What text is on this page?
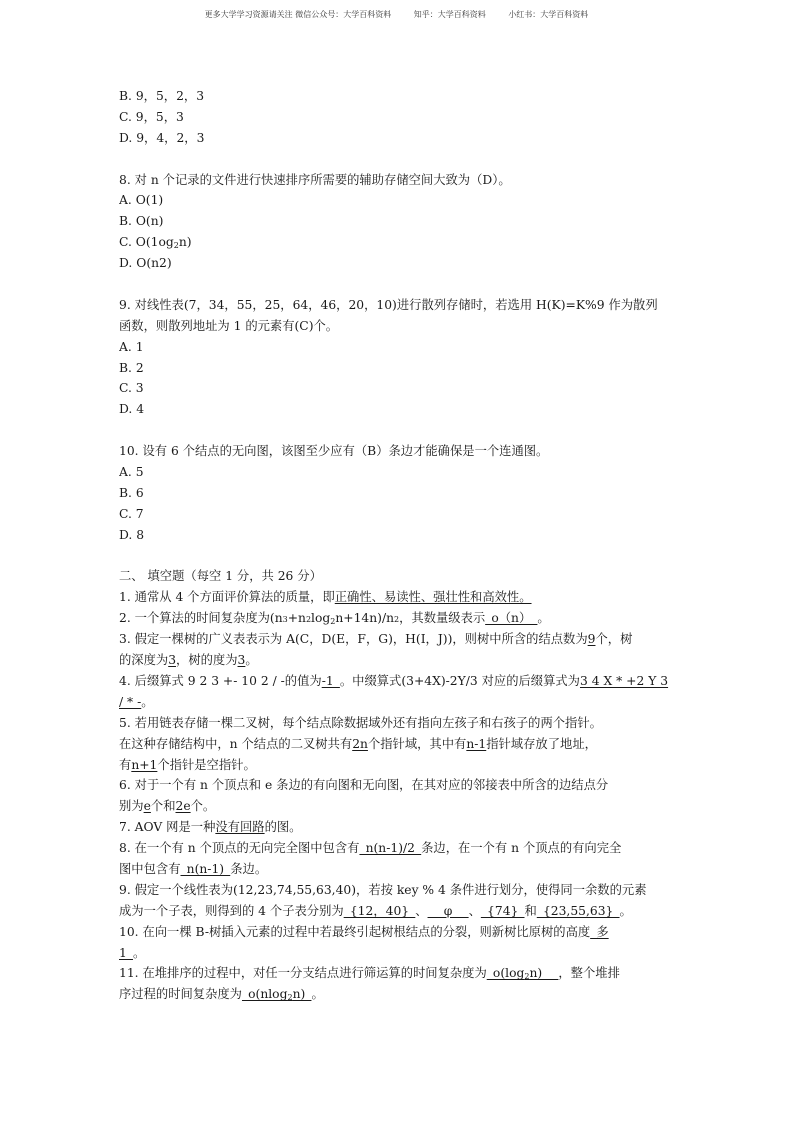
更多大学学习资源请关注 微信公众号：大学百科资料	知乎：大学百科资料	小红书：大学百科资料
B. 9，5，2，3
C. 9，5，3
D. 9，4，2，3
8. 对 n 个记录的文件进行快速排序所需要的辅助存储空间大致为（D）。
A. O(1)
B. O(n)
C. $O(1og_2n)$
D. O(n2)
9. 对线性表(7，34，55，25，64，46，20，10)进行散列存储时，若选用 H(K)=K%9 作为散列
函数，则散列地址为 1 的元素有(C)个。
A. 1
B. 2
C. 3
D. 4
10. 设有 6 个结点的无向图，该图至少应有（B）条边才能确保是一个连通图。
A. 5
B. 6
C. 7
D. 8
二、 填空题（每空 1 分，共 26 分）
1. 通常从 4 个方面评价算法的质量，即正确性、易读性、强壮性和高效性。
2. 一个算法的时间复杂度为$(n3+n2\log_2n+14n)/n2$，其数量级表示_o（n）_。
3. 假定一棵树的广义表表示为 A(C，D(E，F，G)，H(I，J))，则树中所含的结点数为9个，树
的深度为3，树的度为3。
4. 后缀算式 9 2 3 +- 10 2 / -的值为-1_。中缀算式(3+4X)-2Y/3 对应的后缀算式为3 4 X * +2 Y 3
/ * -。
5. 若用链表存储一棵二叉树，每个结点除数据域外还有指向左孩子和右孩子的两个指针。
在这种存储结构中，n 个结点的二叉树共有2n个指针域，其中有n-1指针域存放了地址，
有n+1个指针是空指针。
6. 对于一个有 n 个顶点和 e 条边的有向图和无向图，在其对应的邻接表中所含的边结点分
别为e个和2e个。
7. AOV 网是一种没有回路的图。
8. 在一个有 n 个顶点的无向完全图中包含有_n(n-1)/2_条边，在一个有 n 个顶点的有向完全
图中包含有_n(n-1)_条边。
9. 假定一个线性表为(12,23,74,55,63,40)，若按 key % 4 条件进行划分，使得同一余数的元素
成为一个子表，则得到的 4 个子表分别为_{12，40}_、_ _φ_ _、_{74}_和_{23,55,63}_。
10. 在向一棵 B-树插入元素的过程中若最终引起树根结点的分裂，则新树比原树的高度_多
1_。
11. 在堆排序的过程中，对任一分支结点进行筛运算的时间复杂度为$\_o(\log_2n)\_$ _，整个堆排
序过程的时间复杂度为_o(nlog$_2$n)_。
